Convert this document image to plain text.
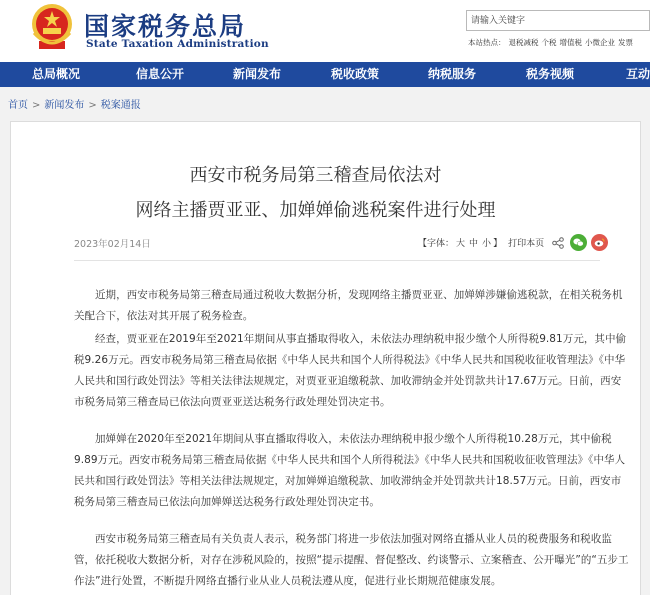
国家税务总局
State Taxation Administration
请输入关键字	本站热点： 退税减税 个税 增值税 小微企业 发票
总局概况	信息公开	新闻发布	税收政策	纳税服务	税务视频	互动
首页 > 新闻发布 > 税案通报
西安市税务局第三稽查局依法对
网络主播贾亚亚、加婵婵偷逃税案件进行处理
2023年02月14日	【字体： 大 中 小 】 打印本页
近期，西安市税务局第三稽查局通过税收大数据分析，发现网络主播贾亚亚、加婵婵涉嫌偷逃税款，在相关税务机关配合下，依法对其开展了税务检查。
经查，贾亚亚在2019年至2021年期间从事直播取得收入，未依法办理纳税申报少缴个人所得税9.81万元，其中偷税9.26万元。西安市税务局第三稽查局依据《中华人民共和国个人所得税法》《中华人民共和国税收征收管理法》《中华人民共和国行政处罚法》等相关法律法规规定，对贾亚亚追缴税款、加收滞纳金并处罚款共计17.67万元。日前，西安市税务局第三稽查局已依法向贾亚亚送达税务行政处理处罚决定书。
加婵婵在2020年至2021年期间从事直播取得收入，未依法办理纳税申报少缴个人所得税10.28万元，其中偷税9.89万元。西安市税务局第三稽查局依据《中华人民共和国个人所得税法》《中华人民共和国税收征收管理法》《中华人民共和国行政处罚法》等相关法律法规规定，对加婵婵追缴税款、加收滞纳金并处罚款共计18.57万元。日前，西安市税务局第三稽查局已依法向加婵婵送达税务行政处理处罚决定书。
西安市税务局第三稽查局有关负责人表示，税务部门将进一步依法加强对网络直播从业人员的税费服务和税收监管，依托税收大数据分析，对存在涉税风险的，按照“提示提醒、督促整改、约谈警示、立案稽查、公开曝光”的“五步工作法”进行处置，不断提升网络直播行业从业人员税法遵从度，促进行业长期规范健康发展。
